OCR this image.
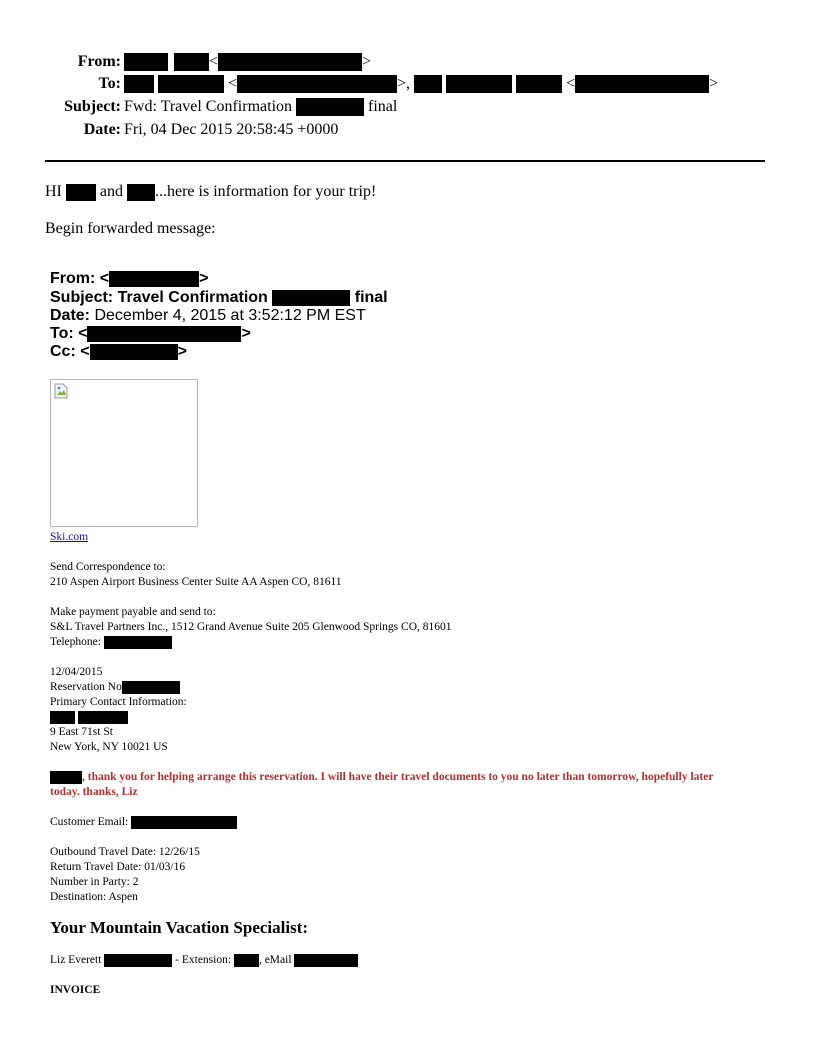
From:	<	>
To:	<	>,	<	>
Subject: Fwd: Travel Confirmation	final
Date: Fri, 04 Dec 2015 20:58:45 +0000
HI and ...here is information for your trip!
Begin forwarded message:
From: <	>
Subject: Travel Confirmation	final
Date: December 4, 2015 at 3:52:12 PM EST
To: <	>
Cc: <	>
Ski.com
Send Correspondence to:
210 Aspen Airport Business Center Suite AA Aspen CO, 81611
Make payment payable and send to:
S&L Travel Partners Inc., 1512 Grand Avenue Suite 205 Glenwood Springs CO, 81601
Telephone:
12/04/2015
Reservation No
Primary Contact Information:

9 East 71st St
New York, NY 10021 US
, thank you for helping arrange this reservation. I will have their travel documents to you no later than tomorrow, hopefully later
today. thanks, Liz
Customer Email:
Outbound Travel Date: 12/26/15
Return Travel Date: 01/03/16
Number in Party: 2
Destination: Aspen
Your Mountain Vacation Specialist:
Liz Everett	- Extension: , eMail
INVOICE
